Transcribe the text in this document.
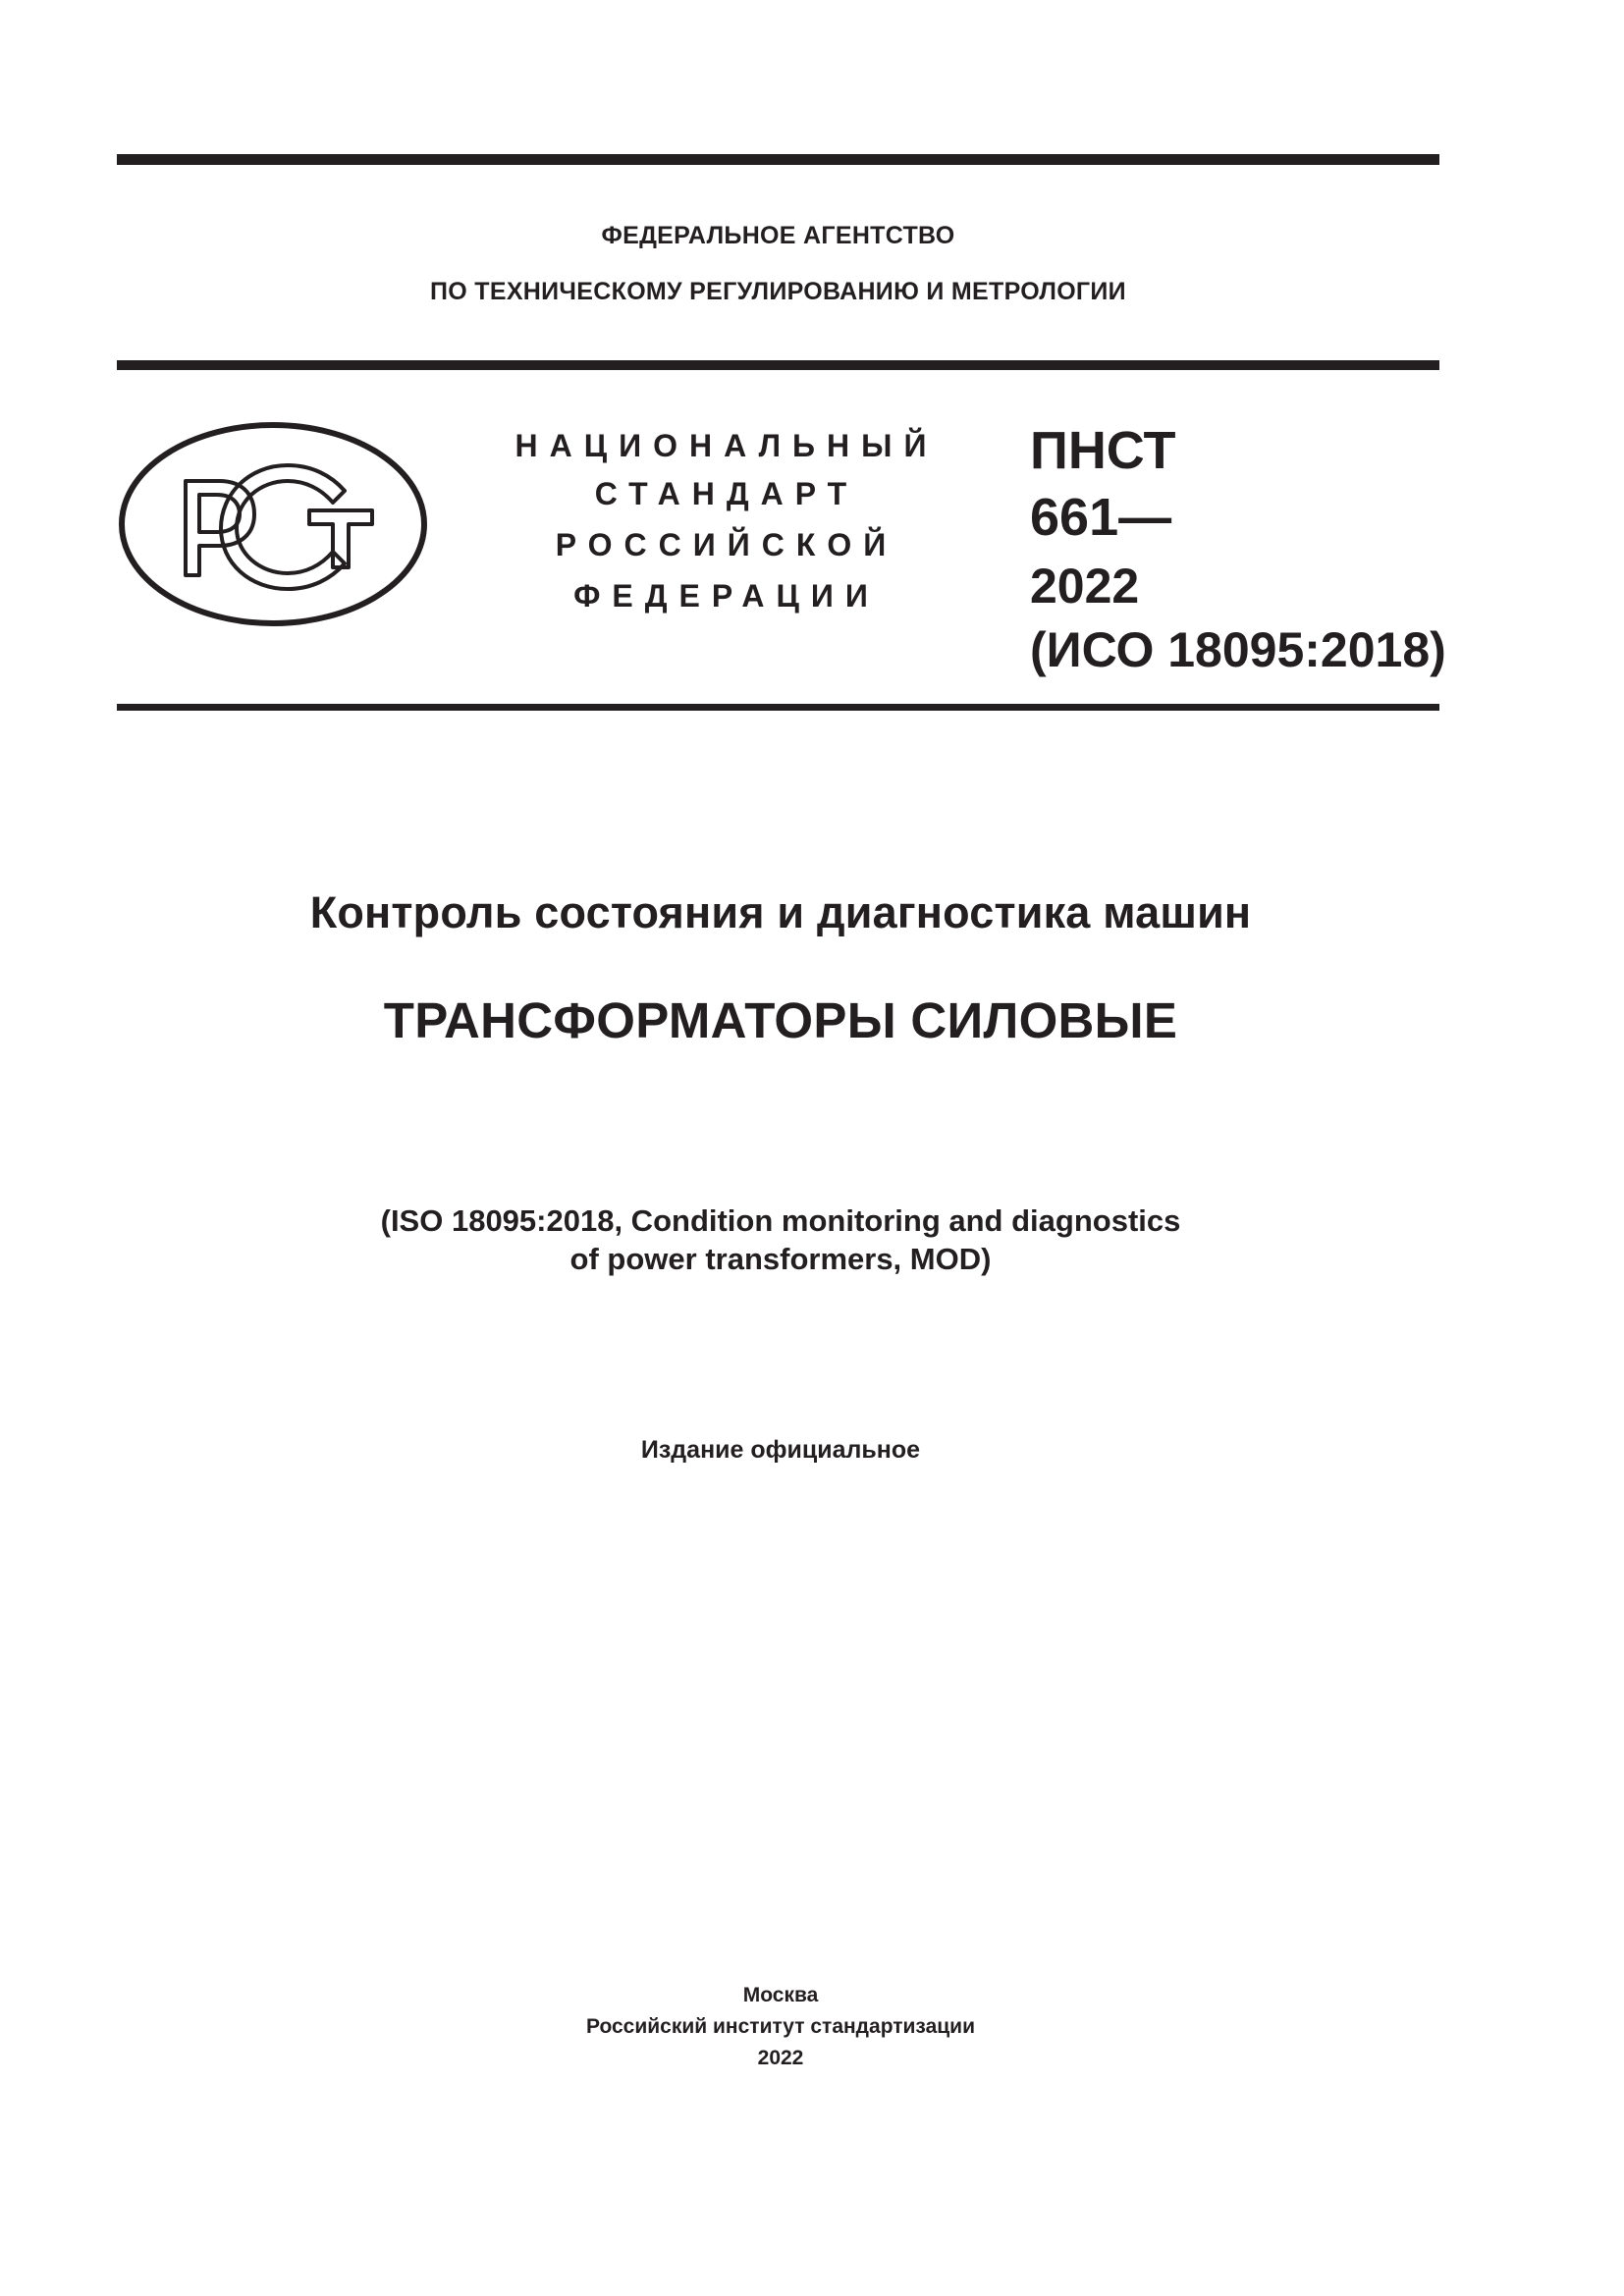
ФЕДЕРАЛЬНОЕ АГЕНТСТВО
ПО ТЕХНИЧЕСКОМУ РЕГУЛИРОВАНИЮ И МЕТРОЛОГИИ
НАЦИОНАЛЬНЫЙ
СТАНДАРТ
РОССИЙСКОЙ
ФЕДЕРАЦИИ
ПНСТ
661—
2022
(ИСО 18095:2018)
Контроль состояния и диагностика машин
ТРАНСФОРМАТОРЫ СИЛОВЫЕ
(ISO 18095:2018, Condition monitoring and diagnostics
of power transformers, MOD)
Издание официальное
Москва
Российский институт стандартизации
2022
